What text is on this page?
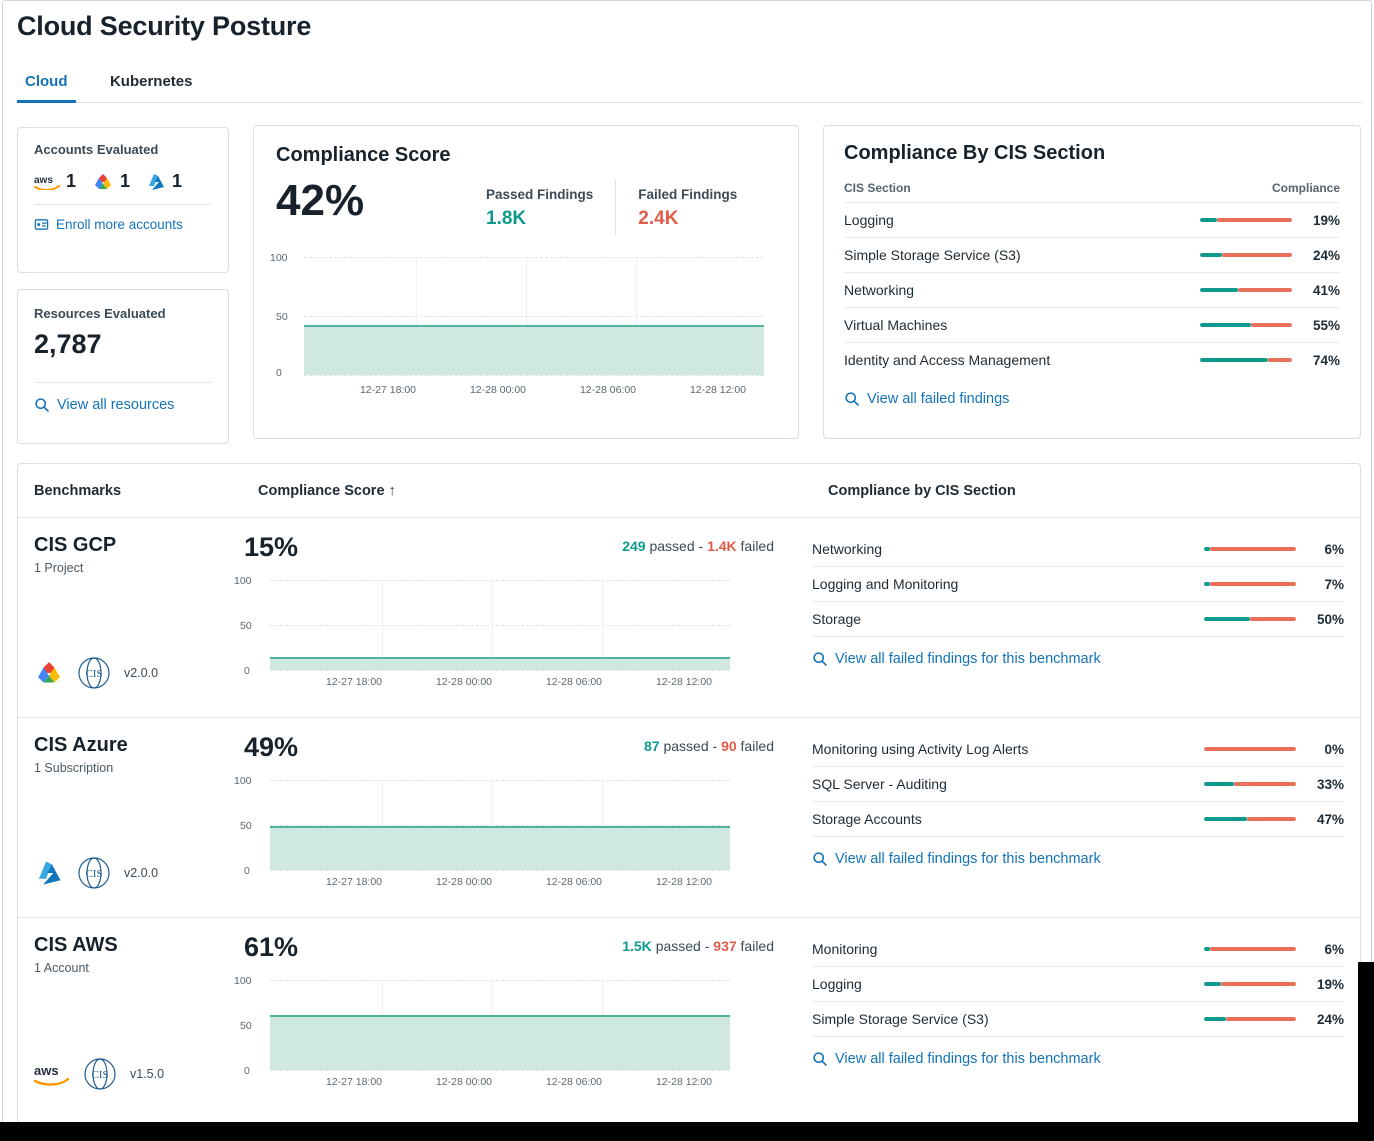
Cloud Security Posture
Cloud	Kubernetes
Accounts Evaluated
aws 1 1 1
Enroll more accounts
Resources Evaluated
2,787
View all resources
Compliance Score
42%	Passed Findings
1.8K
Failed Findings
2.4K
0
50
100
12-27 18:00	12-28 00:00	12-28 06:00	12-28 12:00
Compliance By CIS Section
CIS Section	Compliance
Logging	19%

Simple Storage Service (S3)	24%

Networking	41%

Virtual Machines	55%

Identity and Access Management	74%
View all failed findings
Benchmarks	Compliance Score ↑	Compliance by CIS Section
CIS GCP
1 Project
CIS v2.0.0
15%	249 passed - 1.4K failed
100
50
0
12-27 18:00	12-28 00:00	12-28 06:00	12-28 12:00
Networking	6%
Logging and Monitoring	7%
Storage	50%
View all failed findings for this benchmark
CIS Azure
1 Subscription
CIS v2.0.0
49%	87 passed - 90 failed
100
50
0
12-27 18:00	12-28 00:00	12-28 06:00	12-28 12:00
Monitoring using Activity Log Alerts	0%
SQL Server - Auditing	33%
Storage Accounts	47%
View all failed findings for this benchmark
CIS AWS
1 Account
aws	CIS v1.5.0
61%	1.5K passed - 937 failed
100
50
0
12-27 18:00	12-28 00:00	12-28 06:00	12-28 12:00
Monitoring	6%
Logging	19%
Simple Storage Service (S3)	24%
View all failed findings for this benchmark
